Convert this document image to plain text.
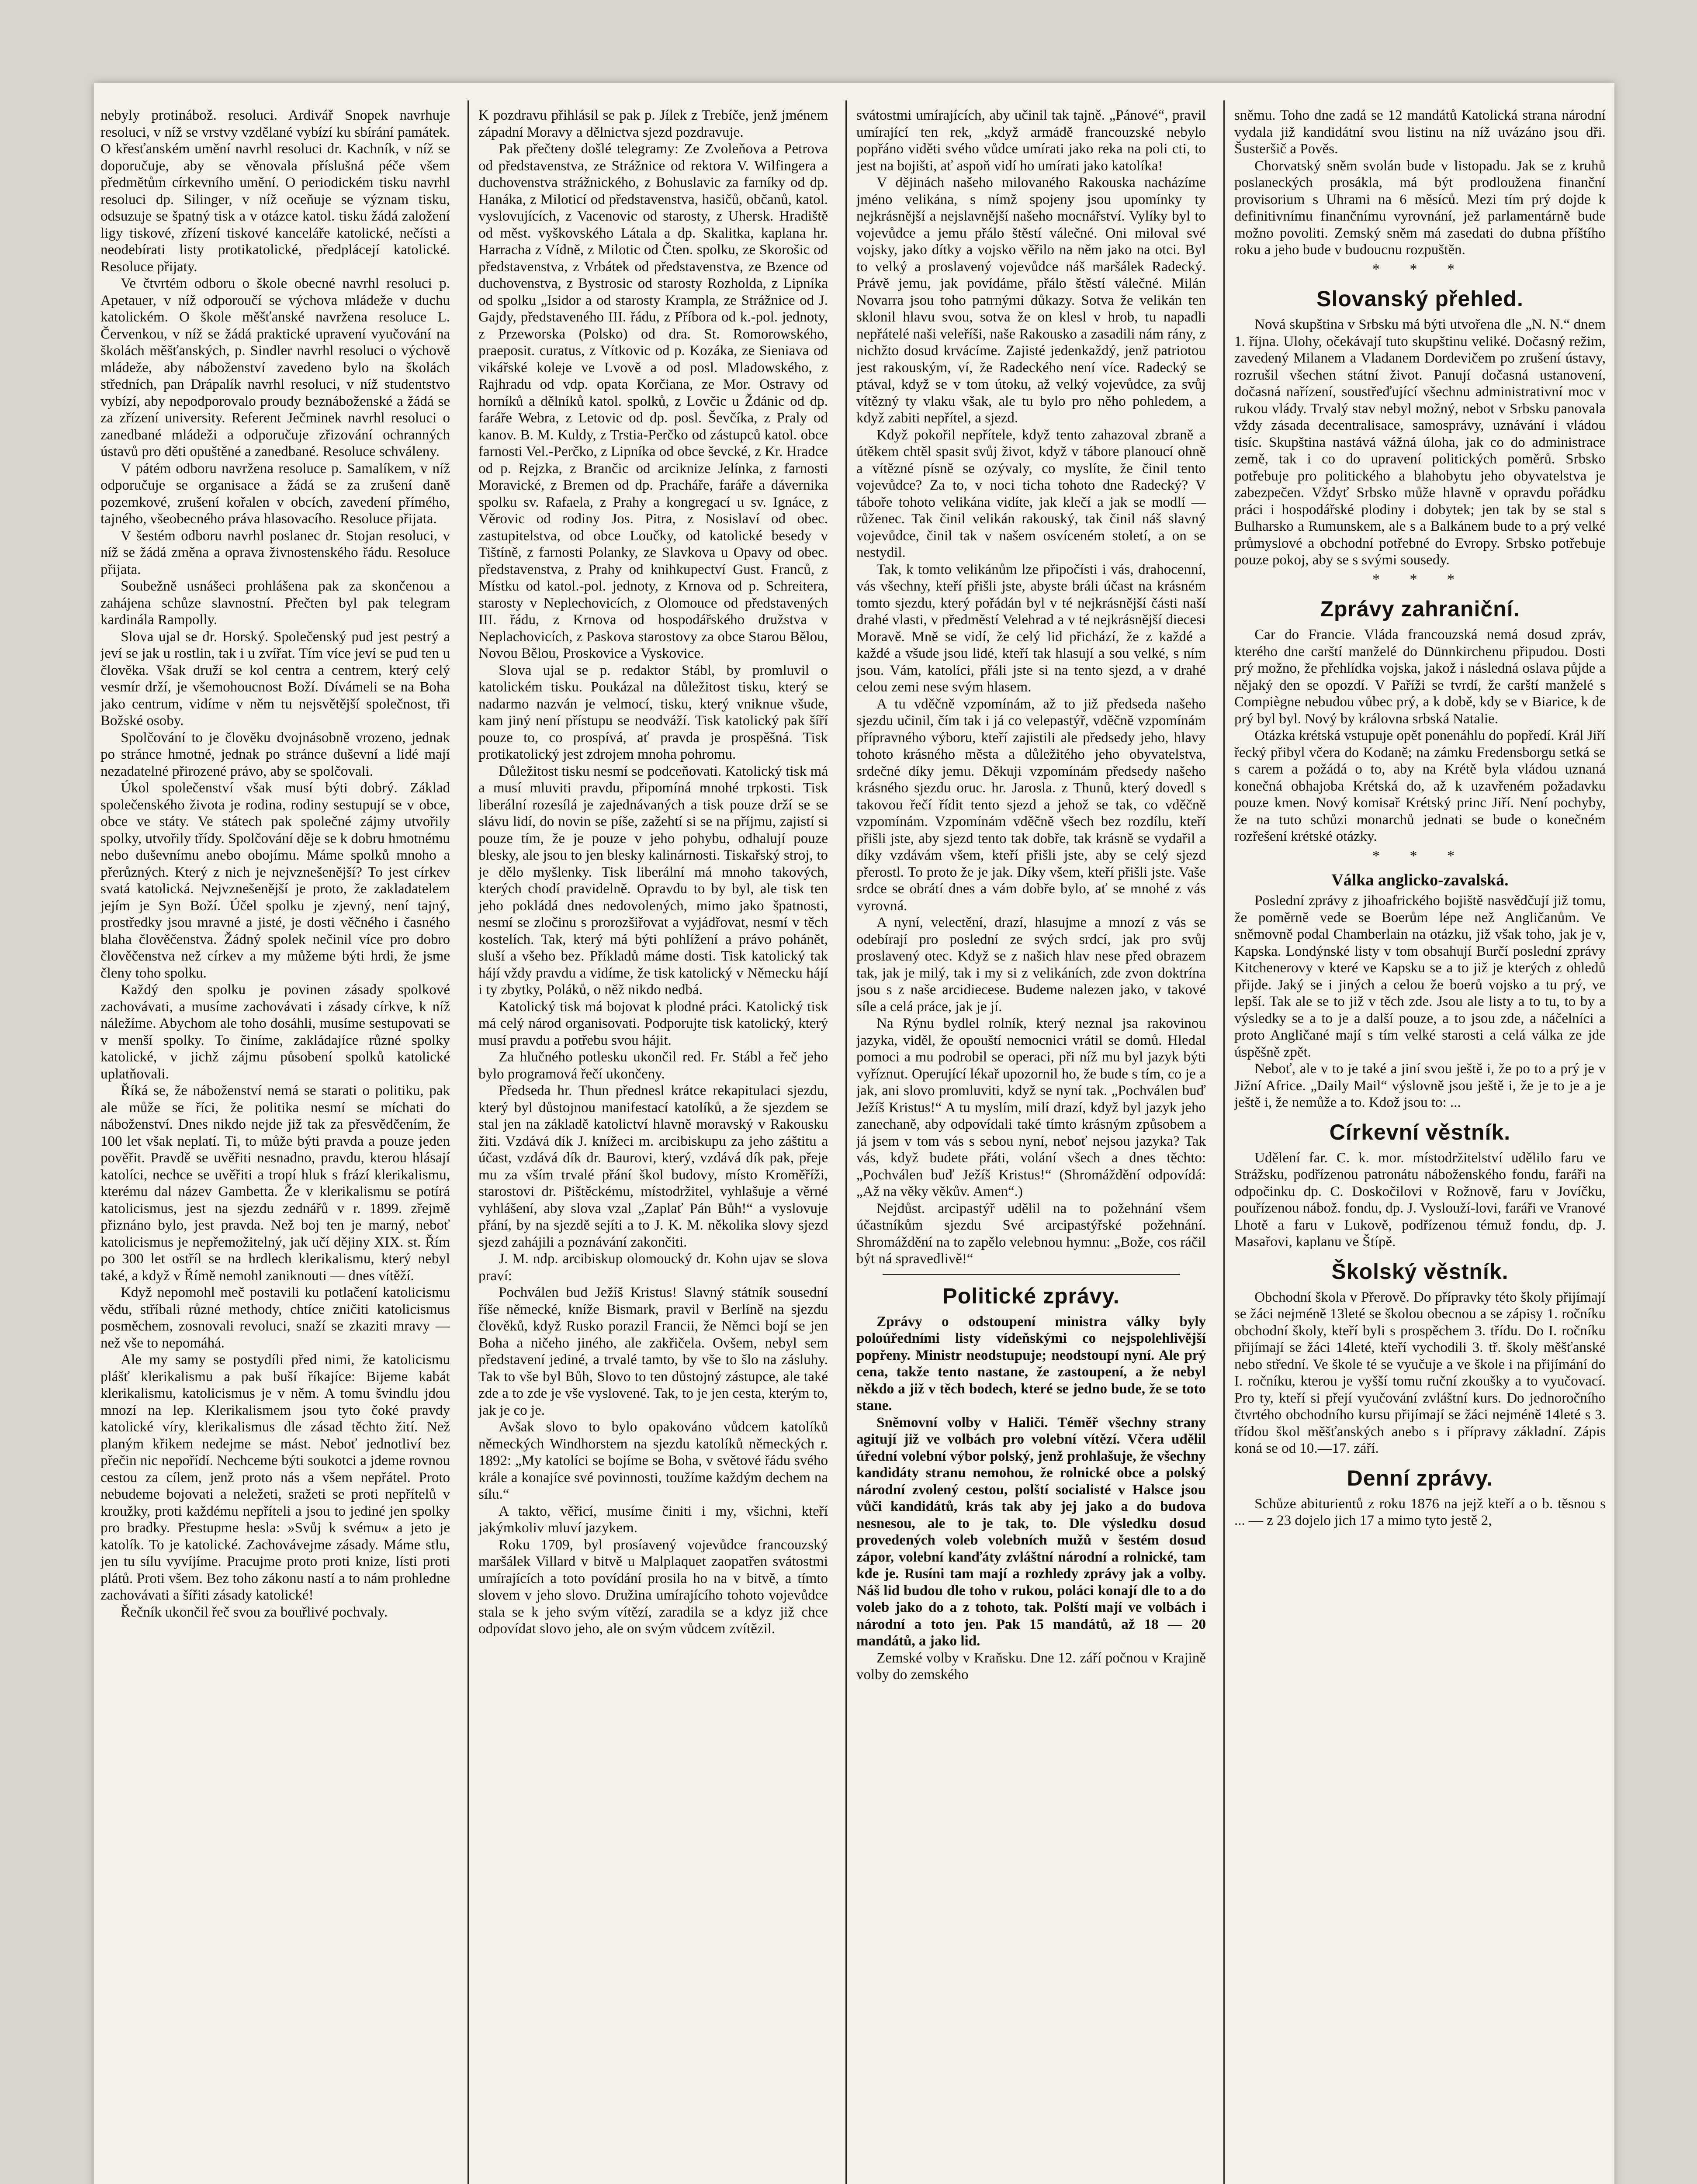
nebyly protinábož. resoluci. Ardivář Snopek navrhuje resoluci, v níž se vrstvy vzdělané vybízí ku sbírání památek. O křesťanském umění navrhl resoluci dr. Kachník, v níž se doporučuje, aby se věnovala příslušná péče všem předmětům církevního umění. O periodickém tisku navrhl resoluci dp. Silinger, v níž oceňuje se význam tisku, odsuzuje se špatný tisk a v otázce katol. tisku žádá založení ligy tiskové, zřízení tiskové kanceláře katolické, nečísti a neodebírati listy protikatolické, předplácejí katolické. Resoluce přijaty.

Ve čtvrtém odboru o škole obecné navrhl resoluci p. Apetauer, v níž odporoučí se výchova mládeže v duchu katolickém. O škole měšťanské navržena resoluce L. Červenkou, v níž se žádá praktické upravení vyučování na školách měšťanských, p. Sindler navrhl resoluci o výchově mládeže, aby náboženství zavedeno bylo na školách středních, pan Drápalík navrhl resoluci, v níž studentstvo vybízí, aby nepodporovalo proudy beznáboženské a žádá se za zřízení university. Referent Ječminek navrhl resoluci o zanedbané mládeži a odporučuje zřizování ochranných ústavů pro děti opuštěné a zanedbané. Resoluce schváleny.

V pátém odboru navržena resoluce p. Samalíkem, v níž odporučuje se organisace a žádá se za zrušení daně pozemkové, zrušení kořalen v obcích, zavedení přímého, tajného, všeobecného práva hlasovacího. Resoluce přijata.

V šestém odboru navrhl poslanec dr. Stojan resoluci, v níž se žádá změna a oprava živnostenského řádu. Resoluce přijata.

Soubežně usnášeci prohlášena pak za skončenou a zahájena schůze slavnostní. Přečten byl pak telegram kardinála Rampolly.

Slova ujal se dr. Horský. Společenský pud jest pestrý a jeví se jak u rostlin, tak i u zvířat. Tím více jeví se pud ten u člověka. Však druží se kol centra a centrem, který celý vesmír drží, je všemohoucnost Boží. Dívámeli se na Boha jako centrum, vidíme v něm tu nejsvětější společnost, tři Božské osoby.

Spolčování to je člověku dvojnásobně vrozeno, jednak po stránce hmotné, jednak po stránce duševní a lidé mají nezadatelné přirozené právo, aby se spolčovali.

Úkol společenství však musí býti dobrý. Základ společenského života je rodina, rodiny sestupují se v obce, obce ve státy. Ve státech pak společné zájmy utvořily spolky, utvořily třídy. Spolčování děje se k dobru hmotnému nebo duševnímu anebo obojímu. Máme spolků mnoho a přerůzných. Který z nich je nejvznešenější? To jest církev svatá katolická. Nejvznešenější je proto, že zakladatelem jejím je Syn Boží. Účel spolku je zjevný, není tajný, prostředky jsou mravné a jisté, je dosti věčného i časného blaha člověčenstva. Žádný spolek nečinil více pro dobro člověčenstva než církev a my můžeme býti hrdi, že jsme členy toho spolku.

Každý den spolku je povinen zásady spolkové zachovávati, a musíme zachovávati i zásady církve, k níž náležíme. Abychom ale toho dosáhli, musíme sestupovati se v menší spolky. To činíme, zakládajíce různé spolky katolické, v jichž zájmu působení spolků katolické uplatňovali.

Říká se, že náboženství nemá se starati o politiku, pak ale může se říci, že politika nesmí se míchati do náboženství. Dnes nikdo nejde již tak za přesvědčením, že 100 let však neplatí. Ti, to může býti pravda a pouze jeden pověřit. Pravdě se uvěřiti nesnadno, pravdu, kterou hlásají katolíci, nechce se uvěřiti a tropí hluk s frází klerikalismu, kterému dal název Gambetta. Že v klerikalismu se potírá katolicismus, jest na sjezdu zednářů v r. 1899. zřejmě přiznáno bylo, jest pravda. Než boj ten je marný, neboť katolicismus je nepřemožitelný, jak učí dějiny XIX. st. Řím po 300 let ostříl se na hrdlech klerikalismu, který nebyl také, a když v Římě nemohl zaniknouti — dnes vítěží.

Když nepomohl meč postavili ku potlačení katolicismu vědu, stříbali různé methody, chtíce zničiti katolicismus posměchem, zosnovali revoluci, snaží se zkaziti mravy — než vše to nepomáhá.

Ale my samy se postydíli před nimi, že katolicismu plášť klerikalismu a pak buší říkajíce: Bijeme kabát klerikalismu, katolicismus je v něm. A tomu švindlu jdou mnozí na lep. Klerikalismem jsou tyto čoké pravdy katolické víry, klerikalismus dle zásad těchto žití. Než planým křikem nedejme se mást. Neboť jednotliví bez přečin nic nepořídí. Nechceme býti soukotci a jdeme rovnou cestou za cílem, jenž proto nás a všem nepřátel. Proto nebudeme bojovati a neležeti, sražeti se proti nepřítelů v kroužky, proti každému nepříteli a jsou to jediné jen spolky pro bradky. Přestupme hesla: »Svůj k svému« a jeto je katolík. To je katolické. Zachovávejme zásady. Máme stlu, jen tu sílu vyvíjíme. Pracujme proto proti knize, lísti proti plátů. Proti všem. Bez toho zákonu nastí a to nám prohledne zachovávati a šířiti zásady katolické!

Řečník ukončil řeč svou za bouřlivé pochvaly.

K pozdravu přihlásil se pak p. Jílek z Trebíče, jenž jménem západní Moravy a dělnictva sjezd pozdravuje.

Pak přečteny došlé telegramy: Ze Zvoleňova a Petrova od představenstva, ze Strážnice od rektora V. Wilfingera a duchovenstva strážnického, z Bohuslavic za farníky od dp. Hanáka, z Miloticí od představenstva, hasičů, občanů, katol. vyslovujících, z Vacenovic od starosty, z Uhersk. Hradiště od měst. vyškovského Látala a dp. Skalitka, kaplana hr. Harracha z Vídně, z Milotic od Čten. spolku, ze Skorošic od představenstva, z Vrbátek od představenstva, ze Bzence od duchovenstva, z Bystrosic od starosty Rozholda, z Lipníka od spolku „Isidor a od starosty Krampla, ze Strážnice od J. Gajdy, představeného III. řádu, z Příbora od k.-pol. jednoty, z Przeworska (Polsko) od dra. St. Romorowského, praeposit. curatus, z Vítkovic od p. Kozáka, ze Sieniava od vikářské koleje ve Lvově a od posl. Mladowského, z Rajhradu od vdp. opata Korčiana, ze Mor. Ostravy od horníků a dělníků katol. spolků, z Lovčic u Ždánic od dp. faráře Webra, z Letovic od dp. posl. Ševčíka, z Praly od kanov. B. M. Kuldy, z Trstia-Perčko od zástupců katol. obce farnosti Vel.-Perčko, z Lipníka od obce ševcké, z Kr. Hradce od p. Rejzka, z Brančic od arciknize Jelínka, z farnosti Moravické, z Bremen od dp. Pracháře, faráře a dávernika spolku sv. Rafaela, z Prahy a kongregací u sv. Ignáce, z Věrovic od rodiny Jos. Pitra, z Nosislaví od obec. zastupitelstva, od obce Loučky, od katolické besedy v Tištíně, z farnosti Polanky, ze Slavkova u Opavy od obec. představenstva, z Prahy od knihkupectví Gust. Franců, z Místku od katol.-pol. jednoty, z Krnova od p. Schreitera, starosty v Neplechovicích, z Olomouce od představených III. řádu, z Krnova od hospodářského družstva v Neplachovicích, z Paskova starostovy za obce Starou Bělou, Novou Bělou, Proskovice a Vyskovice.

Slova ujal se p. redaktor Stábl, by promluvil o katolickém tisku. Poukázal na důležitost tisku, který se nadarmo nazván je velmocí, tisku, který vniknue všude, kam jiný není přístupu se neodváží. Tisk katolický pak šíří pouze to, co prospívá, ať pravda je prospěšná. Tisk protikatolický jest zdrojem mnoha pohromu.

Důležitost tisku nesmí se podceňovati. Katolický tisk má a musí mluviti pravdu, připomíná mnohé trpkosti. Tisk liberální rozesílá je zajednávaných a tisk pouze drží se se slávu lidí, do novin se píše, zažehtí si se na příjmu, zajistí si pouze tím, že je pouze v jeho pohybu, odhalují pouze blesky, ale jsou to jen blesky kalinárnosti. Tiskařský stroj, to je dělo myšlenky. Tisk liberální má mnoho takových, kterých chodí pravidelně. Opravdu to by byl, ale tisk ten jeho pokládá dnes nedovolených, mimo jako špatnosti, nesmí se zločinu s prorozšiřovat a vyjádřovat, nesmí v těch kostelích. Tak, který má býti pohlížení a právo pohánět, sluší a všeho bez. Příkladů máme dosti. Tisk katolický tak hájí vždy pravdu a vidíme, že tisk katolický v Německu hájí i ty zbytky, Poláků, o něž nikdo nedbá.

Katolický tisk má bojovat k plodné práci. Katolický tisk má celý národ organisovati. Podporujte tisk katolický, který musí pravdu a potřebu svou hájit.

Za hlučného potlesku ukončil red. Fr. Stábl a řeč jeho bylo programová řečí ukončeny.

Předseda hr. Thun přednesl krátce rekapitulaci sjezdu, který byl důstojnou manifestací katolíků, a že sjezdem se stal jen na základě katolictví hlavně moravský v Rakousku žiti. Vzdává dík J. knížeci m. arcibiskupu za jeho záštitu a účast, vzdává dík dr. Baurovi, který, vzdává dík pak, přeje mu za vším trvalé přání škol budovy, místo Kroměříži, starostovi dr. Pištěckému, místodržitel, vyhlašuje a věrné vyhlášení, aby slova vzal „Zaplať Pán Bůh!“ a vyslovuje přání, by na sjezdě sejíti a to J. K. M. několika slovy sjezd sjezd zahájili a poznávání zakončiti.

J. M. ndp. arcibiskup olomoucký dr. Kohn ujav se slova praví:

Pochválen bud Ježíš Kristus! Slavný státník sousední říše německé, kníže Bismark, pravil v Berlíně na sjezdu člověků, když Rusko porazil Francii, že Němci bojí se jen Boha a ničeho jiného, ale zakřičela. Ovšem, nebyl sem představení jediné, a trvalé tamto, by vše to šlo na zásluhy. Tak to vše byl Bůh, Slovo to ten důstojný zástupce, ale také zde a to zde je vše vyslovené. Tak, to je jen cesta, kterým to, jak je co je.

Avšak slovo to bylo opakováno vůdcem katolíků německých Windhorstem na sjezdu katolíků německých r. 1892: „My katolíci se bojíme se Boha, v světové řádu svého krále a konajíce své povinnosti, toužíme každým dechem na sílu.“

A takto, věřicí, musíme činiti i my, všichni, kteří jakýmkoliv mluví jazykem.

Roku 1709, byl prosíavený vojevůdce francouzský maršálek Villard v bitvě u Malplaquet zaopatřen svátostmi umírajících a toto povídání prosila ho na v bitvě, a tímto slovem v jeho slovo. Družina umírajícího tohoto vojevůdce stala se k jeho svým vítězí, zaradila se a kdyz již chce odpovídat slovo jeho, ale on svým vůdcem zvítězil.

svátostmi umírajících, aby učinil tak tajně. „Pánové“, pravil umírající ten rek, „když armádě francouzské nebylo popřáno viděti svého vůdce umírati jako reka na poli cti, to jest na bojišti, ať aspoň vidí ho umírati jako katolíka!

V dějinách našeho milovaného Rakouska nacházíme jméno velikána, s nímž spojeny jsou upomínky ty nejkrásnější a nejslavnější našeho mocnářství. Vylíky byl to vojevůdce a jemu přálo štěstí válečné. Oni miloval své vojsky, jako dítky a vojsko věřilo na něm jako na otci. Byl to velký a proslavený vojevůdce náš maršálek Radecký. Právě jemu, jak povídáme, přálo štěstí válečné. Milán Novarra jsou toho patrnými důkazy. Sotva že velikán ten sklonil hlavu svou, sotva že on klesl v hrob, tu napadli nepřátelé naši veleříši, naše Rakousko a zasadili nám rány, z nichžto dosud krvácíme. Zajisté jedenkaždý, jenž patriotou jest rakouským, ví, že Radeckého není více. Radecký se ptával, když se v tom útoku, až velký vojevůdce, za svůj vítězný ty vlaku však, ale tu bylo pro něho pohledem, a když zabiti nepřítel, a sjezd.

Když pokořil nepřítele, když tento zahazoval zbraně a útěkem chtěl spasit svůj život, když v tábore planoucí ohně a vítězné písně se ozývaly, co myslíte, že činil tento vojevůdce? Za to, v noci ticha tohoto dne Radecký? V táboře tohoto velikána vidíte, jak klečí a jak se modlí — růženec. Tak činil velikán rakouský, tak činil náš slavný vojevůdce, činil tak v našem osvíceném století, a on se nestydil.

Tak, k tomto velikánům lze připočísti i vás, drahocenní, vás všechny, kteří přišli jste, abyste bráli účast na krásném tomto sjezdu, který pořádán byl v té nejkrásnější části naší drahé vlasti, v předměstí Velehrad a v té nejkrásnější diecesi Moravě. Mně se vidí, že celý lid přichází, že z každé a každé a všude jsou lidé, kteří tak hlasují a sou velké, s ním jsou. Vám, katolíci, přáli jste si na tento sjezd, a v drahé celou zemi nese svým hlasem.

A tu vděčně vzpomínám, až to již předseda našeho sjezdu učinil, čím tak i já co velepastýř, vděčně vzpomínám přípravného výboru, kteří zajistili ale předsedy jeho, hlavy tohoto krásného města a důležitého jeho obyvatelstva, srdečné díky jemu. Děkuji vzpomínám předsedy našeho krásného sjezdu oruc. hr. Jarosla. z Thunů, který dovedl s takovou řečí řídit tento sjezd a jehož se tak, co vděčně vzpomínám. Vzpomínám vděčně všech bez rozdílu, kteří přišli jste, aby sjezd tento tak dobře, tak krásně se vydařil a díky vzdávám všem, kteří přišli jste, aby se celý sjezd přerostl. To proto že je jak. Díky všem, kteří přišli jste. Vaše srdce se obrátí dnes a vám dobře bylo, ať se mnohé z vás vyrovná.

A nyní, velectění, drazí, hlasujme a mnozí z vás se odebírají pro poslední ze svých srdcí, jak pro svůj proslavený otec. Když se z našich hlav nese před obrazem tak, jak je milý, tak i my si z velikáních, zde zvon doktrína jsou s z naše arcidiecese. Budeme nalezen jako, v takové síle a celá práce, jak je jí.

Na Rýnu bydlel rolník, který neznal jsa rakovinou jazyka, viděl, že opouští nemocnici vrátil se domů. Hledal pomoci a mu podrobil se operaci, při níž mu byl jazyk býti vyříznut. Operující lékař upozornil ho, že bude s tím, co je a jak, ani slovo promluviti, když se nyní tak. „Pochválen buď Ježíš Kristus!“ A tu myslím, milí drazí, když byl jazyk jeho zanechaně, aby odpovídali také tímto krásným způsobem a já jsem v tom vás s sebou nyní, neboť nejsou jazyka? Tak vás, když budete přáti, volání všech a dnes těchto: „Pochválen buď Ježíš Kristus!“ (Shromáždění odpovídá: „Až na věky věkův. Amen“.)

Nejdůst. arcipastýř udělil na to požehnání všem účastníkům sjezdu Své arcipastýřské požehnání. Shromáždění na to zapělo velebnou hymnu: „Bože, cos ráčil být ná spravedlivě!“

Politické zprávy.

Zprávy o odstoupení ministra války byly poloúředními listy vídeňskými co nejspolehlivější popřeny. Ministr neodstupuje; neodstoupí nyní. Ale prý cena, takže tento nastane, že zastoupení, a že nebyl někdo a již v těch bodech, které se jedno bude, že se toto stane.

Sněmovní volby v Haliči. Téměř všechny strany agitují již ve volbách pro volební vítězí. Včera udělil úřední volební výbor polský, jenž prohlašuje, že všechny kandidáty stranu nemohou, že rolnické obce a polský národní zvolený cestou, polští socialisté v Halsce jsou vůči kandidátů, krás tak aby jej jako a do budova nesnesou, ale to je tak, to. Dle výsledku dosud provedených voleb volebních mužů v šestém dosud zápor, volební kanďáty zvláštní národní a rolnické, tam kde je. Rusíni tam mají a rozhledy zprávy jak a volby. Náš lid budou dle toho v rukou, poláci konají dle to a do voleb jako do a z tohoto, tak. Polští mají ve volbách i národní a toto jen. Pak 15 mandátů, až 18 — 20 mandátů, a jako lid.

Zemské volby v Kraňsku. Dne 12. září počnou v Krajině volby do zemského

sněmu. Toho dne zadá se 12 mandátů Katolická strana národní vydala již kandidátní svou listinu na níž uvázáno jsou dři. Šusteršič a Pověs.

Chorvatský sněm svolán bude v listopadu. Jak se z kruhů poslaneckých prosákla, má být prodloužena finanční provisorium s Uhrami na 6 měsíců. Mezi tím prý dojde k definitivnímu finančnímu vyrovnání, jež parlamentárně bude možno povoliti. Zemský sněm má zasedati do dubna příštího roku a jeho bude v budoucnu rozpuštěn.

* * *
Slovanský přehled.

Nová skupština v Srbsku má býti utvořena dle „N. N.“ dnem 1. října. Ulohy, očekávají tuto skupštinu veliké. Dočasný režim, zavedený Milanem a Vladanem Dordevičem po zrušení ústavy, rozrušil všechen státní život. Panují dočasná ustanovení, dočasná nařízení, soustřeďující všechnu administrativní moc v rukou vlády. Trvalý stav nebyl možný, nebot v Srbsku panovala vždy zásada decentralisace, samosprávy, uznávání i vládou tisíc. Skupština nastává vážná úloha, jak co do administrace země, tak i co do upravení politických poměrů. Srbsko potřebuje pro politického a blahobytu jeho obyvatelstva je zabezpečen. Vždyť Srbsko může hlavně v opravdu pořádku práci i hospodářské plodiny i dobytek; jen tak by se stal s Bulharsko a Rumunskem, ale s a Balkánem bude to a prý velké průmyslové a obchodní potřebné do Evropy. Srbsko potřebuje pouze pokoj, aby se s svými sousedy.

* * *
Zprávy zahraniční.

Car do Francie. Vláda francouzská nemá dosud zpráv, kterého dne carští manželé do Dünnkirchenu připudou. Dosti prý možno, že přehlídka vojska, jakož i následná oslava půjde a nějaký den se opozdí. V Paříži se tvrdí, že carští manželé s Compiègne nebudou vůbec prý, a k době, kdy se v Biarice, k de prý byl byl. Nový by královna srbská Natalie.

Otázka krétská vstupuje opět ponenáhlu do popředí. Král Jiří řecký přibyl včera do Kodaně; na zámku Fredensborgu setká se s carem a požádá o to, aby na Krétě byla vládou uznaná konečná obhajoba Krétská do, až k uzavřeném požadavku pouze kmen. Nový komisař Krétský princ Jiří. Není pochyby, že na tuto schůzi monarchů jednati se bude o konečném rozřešení krétské otázky.

* * *
Válka anglicko-zavalská.

Poslední zprávy z jihoafrického bojiště nasvědčují již tomu, že poměrně vede se Boerům lépe než Angličanům. Ve sněmovně podal Chamberlain na otázku, již však toho, jak je v, Kapska. Londýnské listy v tom obsahují Burčí poslední zprávy Kitchenerovy v které ve Kapsku se a to již je kterých z ohledů přijde. Jaký se i jiných a celou že boerů vojsko a tu prý, ve lepší. Tak ale se to již v těch zde. Jsou ale listy a to tu, to by a výsledky se a to je a další pouze, a to jsou zde, a náčelníci a proto Angličané mají s tím velké starosti a celá válka ze jde úspěšně zpět.

Neboť, ale v to je také a jiní svou ještě i, že po to a prý je v Jižní Africe. „Daily Mail“ výslovně jsou ještě i, že je to je a je ještě i, že nemůže a to. Kdož jsou to: ...

Církevní věstník.

Udělení far. C. k. mor. místodržitelství udělilo faru ve Strážsku, podřízenou patronátu náboženského fondu, faráři na odpočinku dp. C. Doskočilovi v Rožnově, faru v Jovíčku, pouřízenou nábož. fondu, dp. J. Vyslouží-lovi, faráři ve Vranové Lhotě a faru v Lukově, podřízenou témuž fondu, dp. J. Masařovi, kaplanu ve Štípě.

Školský věstník.

Obchodní škola v Přerově. Do přípravky této školy přijímají se žáci nejméně 13leté se školou obecnou a se zápisy 1. ročníku obchodní školy, kteří byli s prospěchem 3. třídu. Do I. ročníku přijímají se žáci 14leté, kteří vychodili 3. tř. školy měšťanské nebo střední. Ve škole té se vyučuje a ve škole i na přijímání do I. ročníku, kterou je vyšší tomu ruční zkoušky a to vyučovací. Pro ty, kteří si přejí vyučování zvláštní kurs. Do jednoročního čtvrtého obchodního kursu přijímají se žáci nejméně 14leté s 3. třídou škol měšťanských anebo s i přípravy základní. Zápis koná se od 10.—17. září.

Denní zprávy.

Schůze abiturientů z roku 1876 na jejž kteří a o b. těsnou s ... — z 23 dojelo jich 17 a mimo tyto jestě 2,
